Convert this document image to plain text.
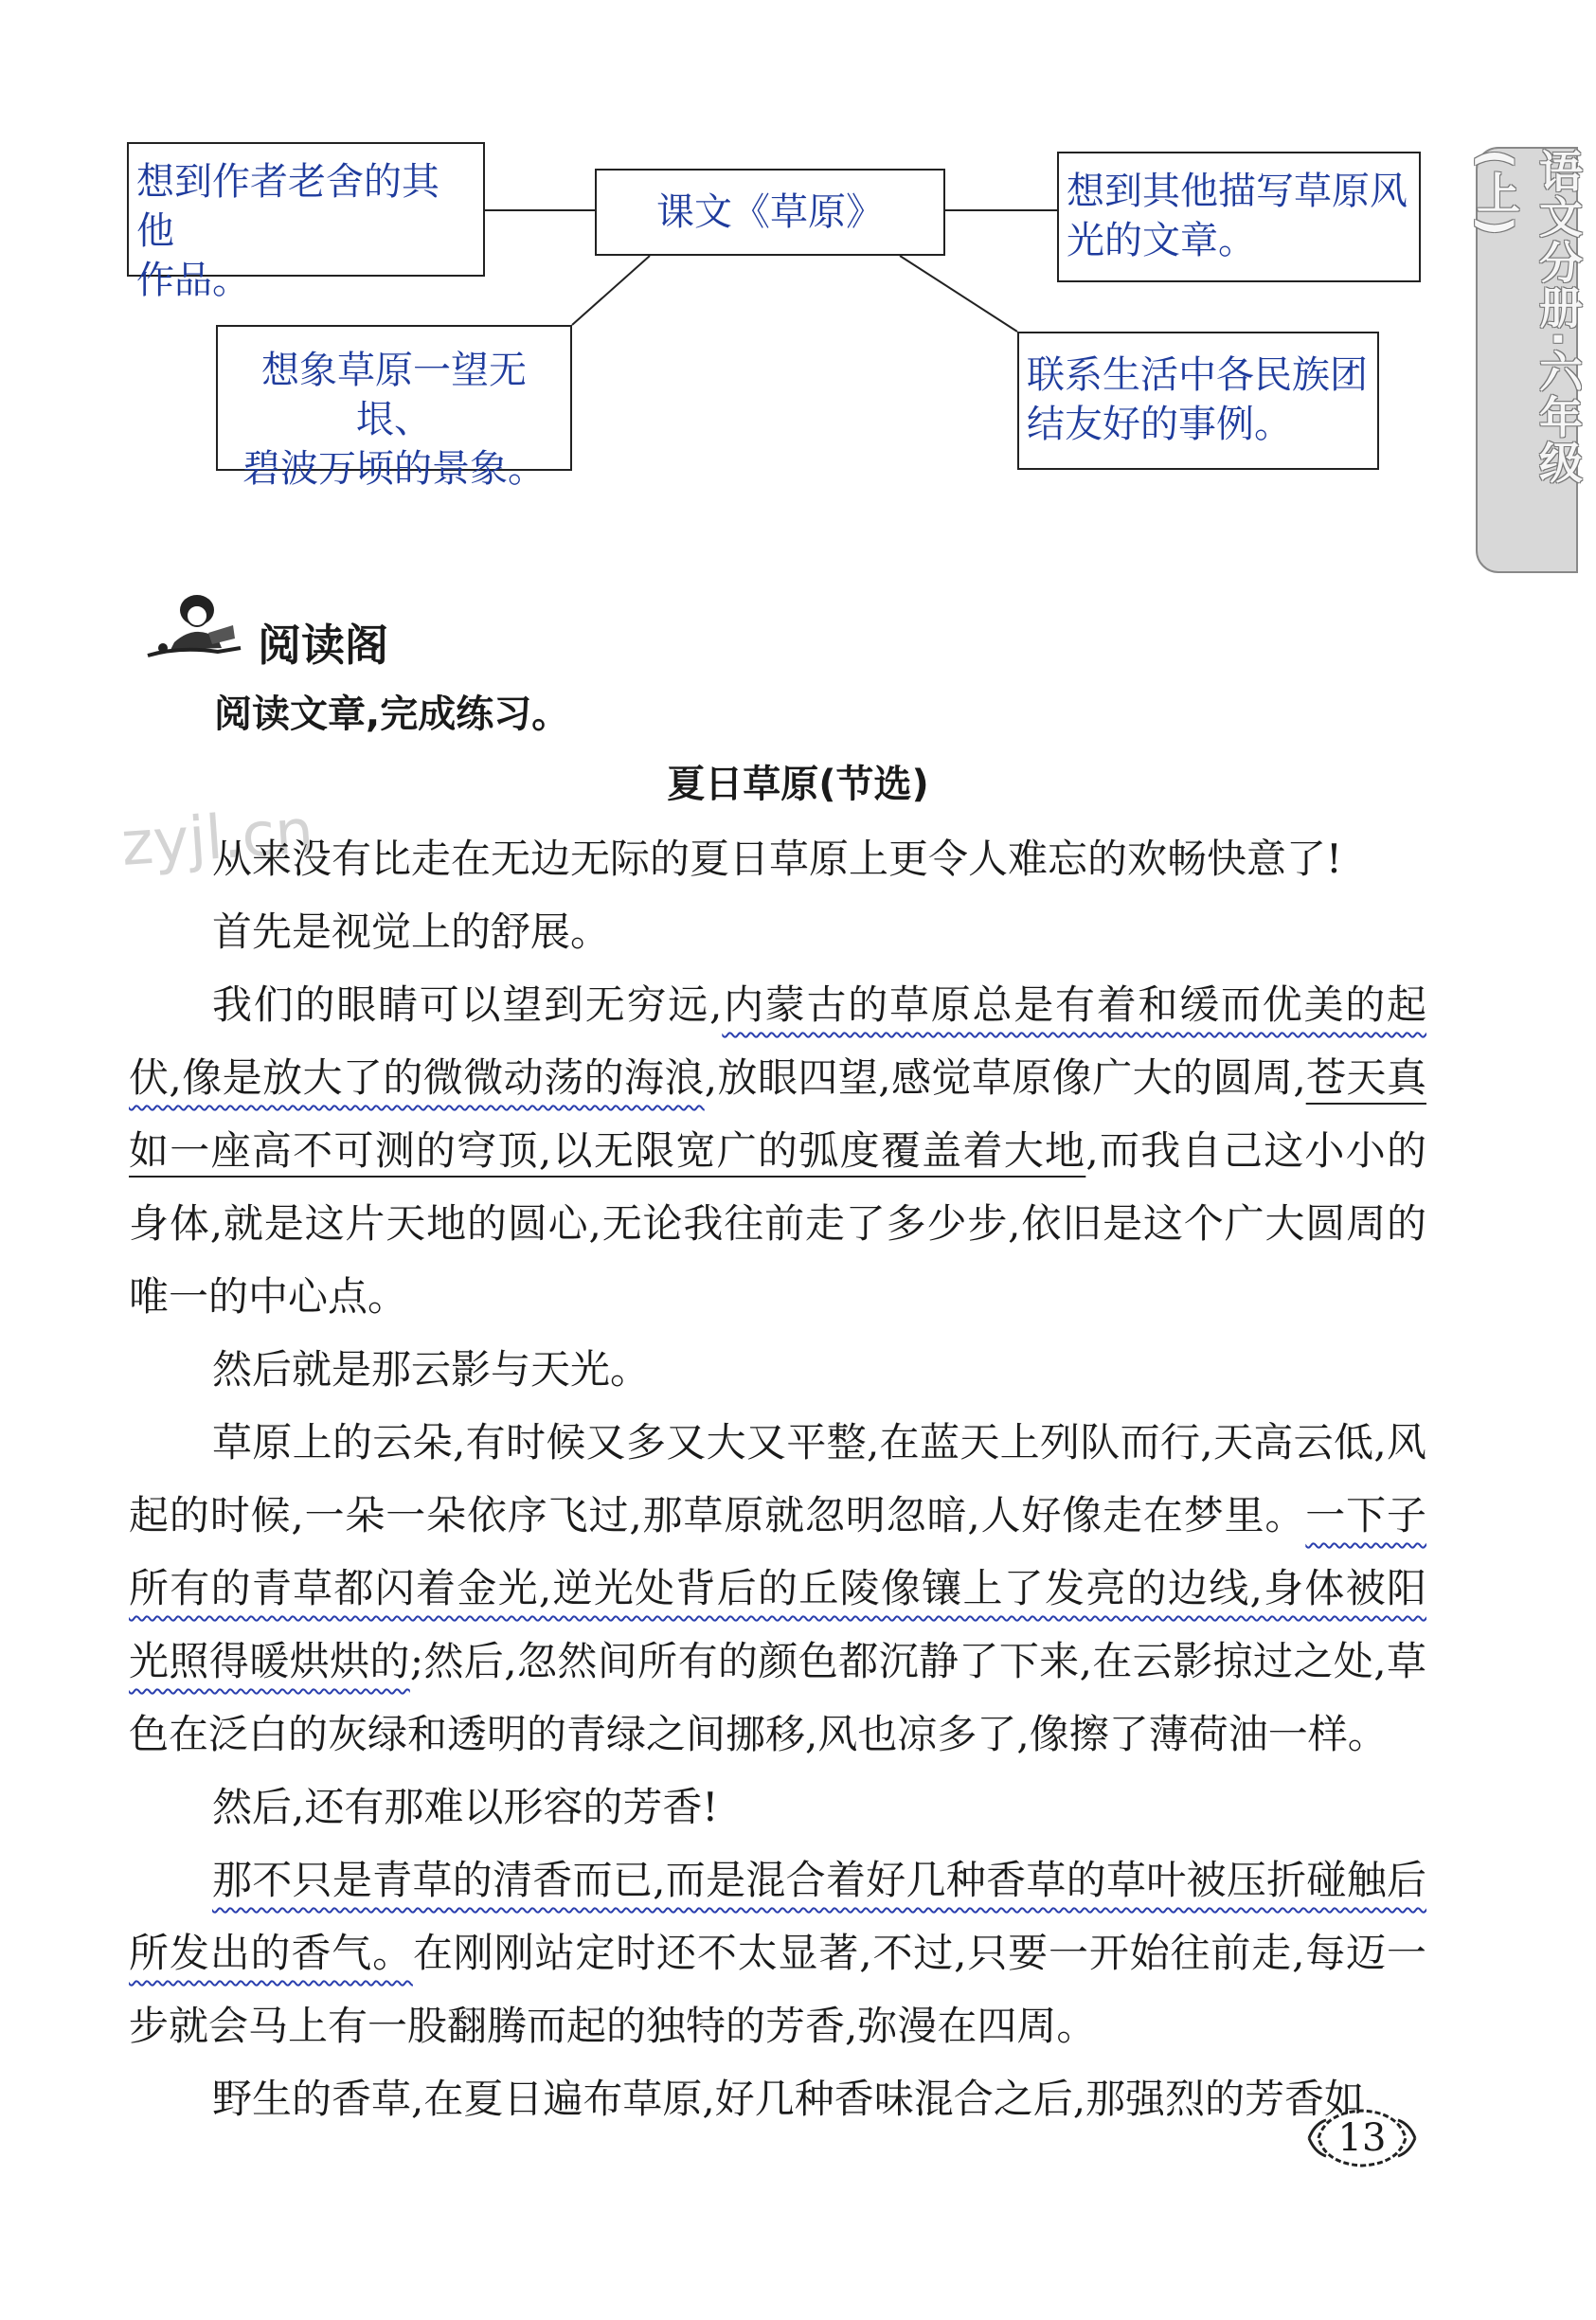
课文《草原》
想到作者老舍的其他
作品。
想到其他描写草原风
光的文章。
想象草原一望无垠、
碧波万顷的景象。
联系生活中各民族团
结友好的事例。	语文分册·六年级(上)
阅读阁
阅读文章,完成练习。
夏日草原(节选)
zyjl.cn

从来没有比走在无边无际的夏日草原上更令人难忘的欢畅快意了!

首先是视觉上的舒展。

我们的眼睛可以望到无穷远,内蒙古的草原总是有着和缓而优美的起伏,像是放大了的微微动荡的海浪,放眼四望,感觉草原像广大的圆周,苍天真如一座高不可测的穹顶,以无限宽广的弧度覆盖着大地,而我自己这小小的身体,就是这片天地的圆心,无论我往前走了多少步,依旧是这个广大圆周的唯一的中心点。

然后就是那云影与天光。

草原上的云朵,有时候又多又大又平整,在蓝天上列队而行,天高云低,风起的时候,一朵一朵依序飞过,那草原就忽明忽暗,人好像走在梦里。一下子所有的青草都闪着金光,逆光处背后的丘陵像镶上了发亮的边线,身体被阳光照得暖烘烘的;然后,忽然间所有的颜色都沉静了下来,在云影掠过之处,草色在泛白的灰绿和透明的青绿之间挪移,风也凉多了,像擦了薄荷油一样。

然后,还有那难以形容的芳香!

那不只是青草的清香而已,而是混合着好几种香草的草叶被压折碰触后所发出的香气。在刚刚站定时还不太显著,不过,只要一开始往前走,每迈一步就会马上有一股翻腾而起的独特的芳香,弥漫在四周。

野生的香草,在夏日遍布草原,好几种香味混合之后,那强烈的芳香如

13
